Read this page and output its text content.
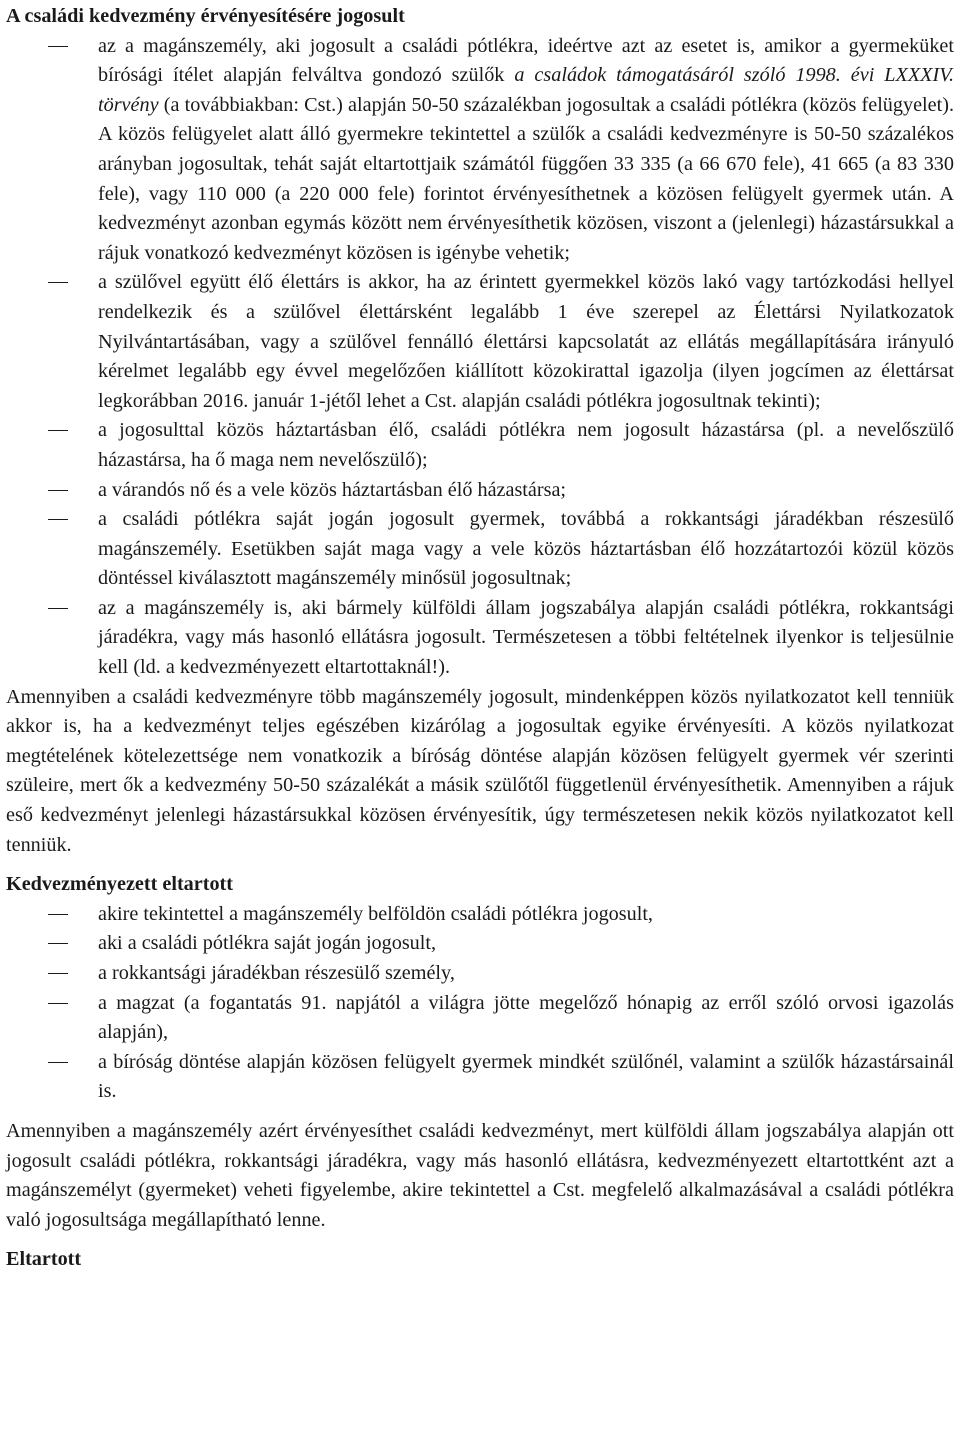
A családi kedvezmény érvényesítésére jogosult
az a magánszemély, aki jogosult a családi pótlékra, ideértve azt az esetet is, amikor a gyermeküket bírósági ítélet alapján felváltva gondozó szülők a családok támogatásáról szóló 1998. évi LXXXIV. törvény (a továbbiakban: Cst.) alapján 50-50 százalékban jogosultak a családi pótlékra (közös felügyelet). A közös felügyelet alatt álló gyermekre tekintettel a szülők a családi kedvezményre is 50-50 százalékos arányban jogosultak, tehát saját eltartottjaik számától függően 33 335 (a 66 670 fele), 41 665 (a 83 330 fele), vagy 110 000 (a 220 000 fele) forintot érvényesíthetnek a közösen felügyelt gyermek után. A kedvezményt azonban egymás között nem érvényesíthetik közösen, viszont a (jelenlegi) házastársukkal a rájuk vonatkozó kedvezményt közösen is igénybe vehetik;
a szülővel együtt élő élettárs is akkor, ha az érintett gyermekkel közös lakó vagy tartózkodási hellyel rendelkezik és a szülővel élettársként legalább 1 éve szerepel az Élettársi Nyilatkozatok Nyilvántartásában, vagy a szülővel fennálló élettársi kapcsolatát az ellátás megállapítására irányuló kérelmet legalább egy évvel megelőzően kiállított közokirattal igazolja (ilyen jogcímen az élettársat legkorábban 2016. január 1-jétől lehet a Cst. alapján családi pótlékra jogosultnak tekinti);
a jogosulttal közös háztartásban élő, családi pótlékra nem jogosult házastársa (pl. a nevelőszülő házastársa, ha ő maga nem nevelőszülő);
a várandós nő és a vele közös háztartásban élő házastársa;
a családi pótlékra saját jogán jogosult gyermek, továbbá a rokkantsági járadékban részesülő magánszemély. Esetükben saját maga vagy a vele közös háztartásban élő hozzátartozói közül közös döntéssel kiválasztott magánszemély minősül jogosultnak;
az a magánszemély is, aki bármely külföldi állam jogszabálya alapján családi pótlékra, rokkantsági járadékra, vagy más hasonló ellátásra jogosult. Természetesen a többi feltételnek ilyenkor is teljesülnie kell (ld. a kedvezményezett eltartottaknál!).

Amennyiben a családi kedvezményre több magánszemély jogosult, mindenképpen közös nyilatkozatot kell tenniük akkor is, ha a kedvezményt teljes egészében kizárólag a jogosultak egyike érvényesíti. A közös nyilatkozat megtételének kötelezettsége nem vonatkozik a bíróság döntése alapján közösen felügyelt gyermek vér szerinti szüleire, mert ők a kedvezmény 50-50 százalékát a másik szülőtől függetlenül érvényesíthetik. Amennyiben a rájuk eső kedvezményt jelenlegi házastársukkal közösen érvényesítik, úgy természetesen nekik közös nyilatkozatot kell tenniük.

Kedvezményezett eltartott
akire tekintettel a magánszemély belföldön családi pótlékra jogosult,
aki a családi pótlékra saját jogán jogosult,
a rokkantsági járadékban részesülő személy,
a magzat (a fogantatás 91. napjától a világra jötte megelőző hónapig az erről szóló orvosi igazolás alapján),
a bíróság döntése alapján közösen felügyelt gyermek mindkét szülőnél, valamint a szülők házastársainál is.

Amennyiben a magánszemély azért érvényesíthet családi kedvezményt, mert külföldi állam jogszabálya alapján ott jogosult családi pótlékra, rokkantsági járadékra, vagy más hasonló ellátásra, kedvezményezett eltartottként azt a magánszemélyt (gyermeket) veheti figyelembe, akire tekintettel a Cst. megfelelő alkalmazásával a családi pótlékra való jogosultsága megállapítható lenne.

Eltartott
